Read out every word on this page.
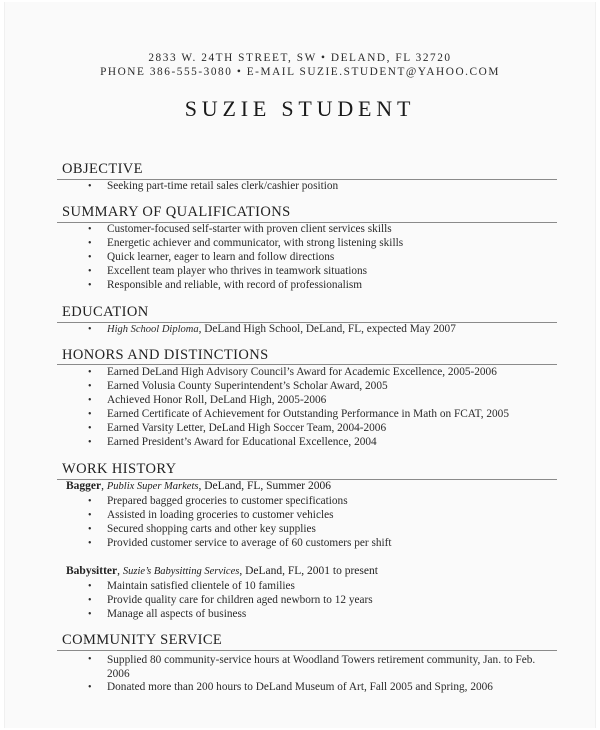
2833 W. 24TH STREET, SW • DELAND, FL 32720
PHONE 386-555-3080 • E-MAIL SUZIE.STUDENT@YAHOO.COM
SUZIE STUDENT
OBJECTIVE
• Seeking part-time retail sales clerk/cashier position
SUMMARY OF QUALIFICATIONS
• Customer-focused self-starter with proven client services skills
• Energetic achiever and communicator, with strong listening skills
• Quick learner, eager to learn and follow directions
• Excellent team player who thrives in teamwork situations
• Responsible and reliable, with record of professionalism
EDUCATION
• High School Diploma, DeLand High School, DeLand, FL, expected May 2007
HONORS AND DISTINCTIONS
• Earned DeLand High Advisory Council’s Award for Academic Excellence, 2005-2006
• Earned Volusia County Superintendent’s Scholar Award, 2005
• Achieved Honor Roll, DeLand High, 2005-2006
• Earned Certificate of Achievement for Outstanding Performance in Math on FCAT, 2005
• Earned Varsity Letter, DeLand High Soccer Team, 2004-2006
• Earned President’s Award for Educational Excellence, 2004
WORK HISTORY
Bagger, Publix Super Markets, DeLand, FL, Summer 2006
• Prepared bagged groceries to customer specifications
• Assisted in loading groceries to customer vehicles
• Secured shopping carts and other key supplies
• Provided customer service to average of 60 customers per shift
Babysitter, Suzie’s Babysitting Services, DeLand, FL, 2001 to present
• Maintain satisfied clientele of 10 families
• Provide quality care for children aged newborn to 12 years
• Manage all aspects of business
COMMUNITY SERVICE
• Supplied 80 community-service hours at Woodland Towers retirement community, Jan. to Feb. 2006
• Donated more than 200 hours to DeLand Museum of Art, Fall 2005 and Spring, 2006
